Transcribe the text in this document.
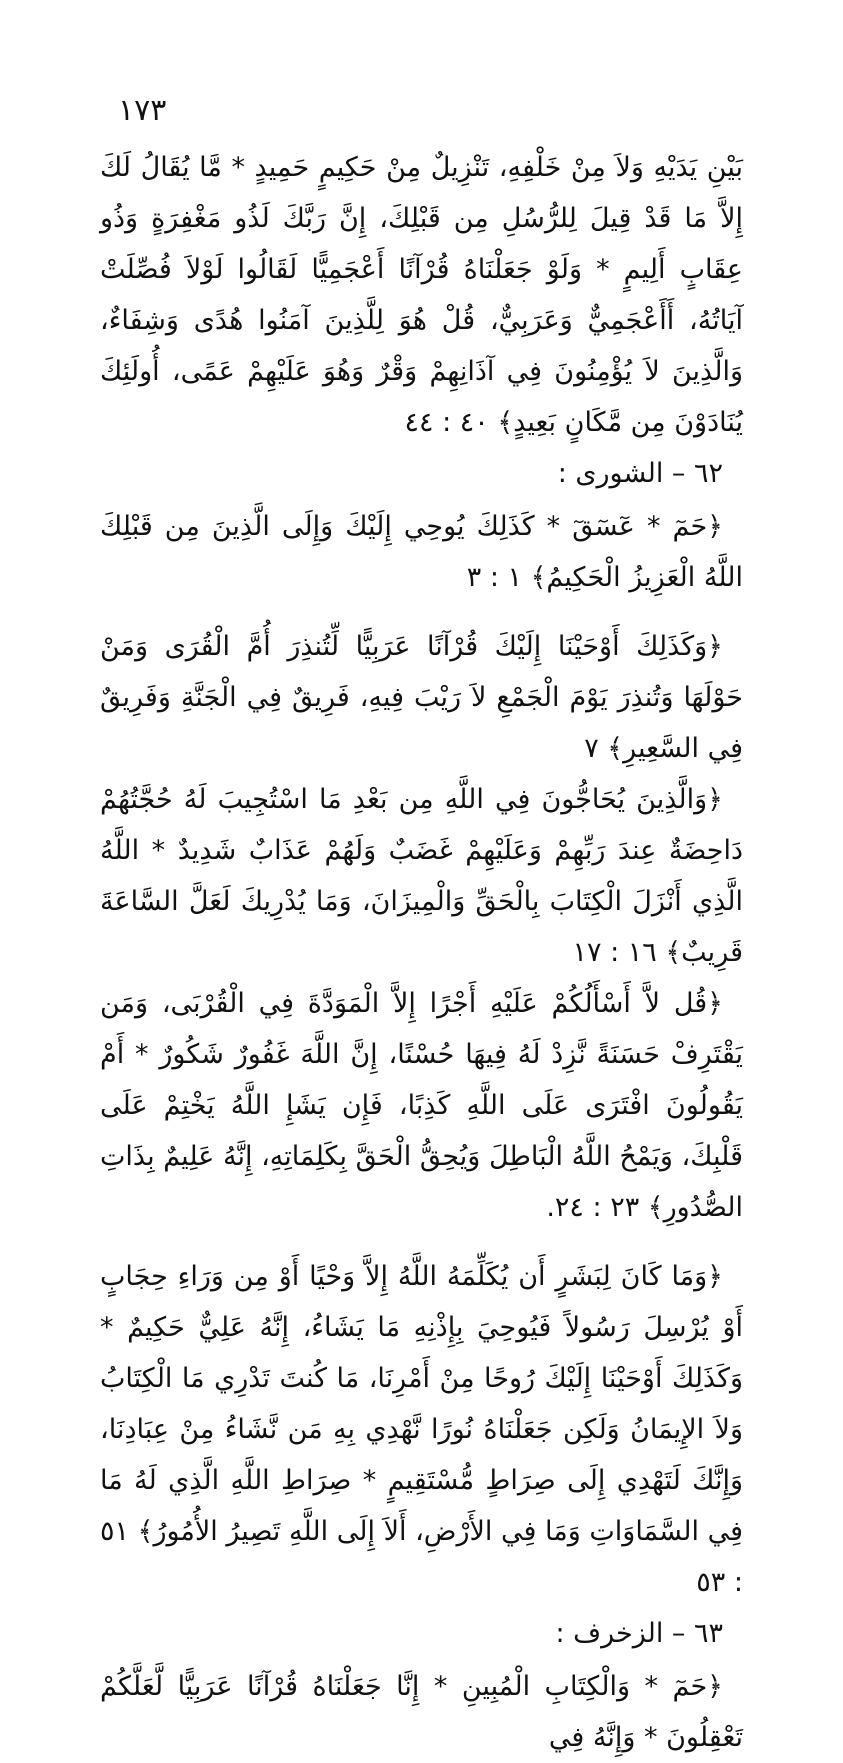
١٧٣

بَيْنِ يَدَيْهِ وَلاَ مِنْ خَلْفِهِ، تَنْزِيلٌ مِنْ حَكِيمٍ حَمِيدٍ * مَّا يُقَالُ لَكَ إِلاَّ مَا قَدْ قِيلَ لِلرُّسُلِ مِن قَبْلِكَ، إِنَّ رَبَّكَ لَذُو مَغْفِرَةٍ وَذُو عِقَابٍ أَلِيمٍ * وَلَوْ جَعَلْنَاهُ قُرْآنًا أَعْجَمِيًّا لَقَالُوا لَوْلاَ فُصِّلَتْ آيَاتُهُ، أَأَعْجَمِيٌّ وَعَرَبِيٌّ، قُلْ هُوَ لِلَّذِينَ آمَنُوا هُدًى وَشِفَاءٌ، وَالَّذِينَ لاَ يُؤْمِنُونَ فِي آذَانِهِمْ وَقْرٌ وَهُوَ عَلَيْهِمْ عَمًى، أُولَئِكَ يُنَادَوْنَ مِن مَّكَانٍ بَعِيدٍ﴾ ٤٠ : ٤٤

٦٢ – الشورى :

﴿حَمٓ * عٓسٓقٓ * كَذَلِكَ يُوحِي إِلَيْكَ وَإِلَى الَّذِينَ مِن قَبْلِكَ اللَّهُ الْعَزِيزُ الْحَكِيمُ﴾ ١ : ٣

﴿وَكَذَلِكَ أَوْحَيْنَا إِلَيْكَ قُرْآنًا عَرَبِيًّا لِّتُنذِرَ أُمَّ الْقُرَى وَمَنْ حَوْلَهَا وَتُنذِرَ يَوْمَ الْجَمْعِ لاَ رَيْبَ فِيهِ، فَرِيقٌ فِي الْجَنَّةِ وَفَرِيقٌ فِي السَّعِيرِ﴾ ٧

﴿وَالَّذِينَ يُحَاجُّونَ فِي اللَّهِ مِن بَعْدِ مَا اسْتُجِيبَ لَهُ حُجَّتُهُمْ دَاحِضَةٌ عِندَ رَبِّهِمْ وَعَلَيْهِمْ غَضَبٌ وَلَهُمْ عَذَابٌ شَدِيدٌ * اللَّهُ الَّذِي أَنْزَلَ الْكِتَابَ بِالْحَقِّ وَالْمِيزَانَ، وَمَا يُدْرِيكَ لَعَلَّ السَّاعَةَ قَرِيبٌ﴾ ١٦ : ١٧

﴿قُل لاَّ أَسْأَلُكُمْ عَلَيْهِ أَجْرًا إِلاَّ الْمَوَدَّةَ فِي الْقُرْبَى، وَمَن يَقْتَرِفْ حَسَنَةً نَّزِدْ لَهُ فِيهَا حُسْنًا، إِنَّ اللَّهَ غَفُورٌ شَكُورٌ * أَمْ يَقُولُونَ افْتَرَى عَلَى اللَّهِ كَذِبًا، فَإِن يَشَإِ اللَّهُ يَخْتِمْ عَلَى قَلْبِكَ، وَيَمْحُ اللَّهُ الْبَاطِلَ وَيُحِقُّ الْحَقَّ بِكَلِمَاتِهِ، إِنَّهُ عَلِيمٌ بِذَاتِ الصُّدُورِ﴾ ٢٣ : ٢٤.

﴿وَمَا كَانَ لِبَشَرٍ أَن يُكَلِّمَهُ اللَّهُ إِلاَّ وَحْيًا أَوْ مِن وَرَاءِ حِجَابٍ أَوْ يُرْسِلَ رَسُولاً فَيُوحِيَ بِإِذْنِهِ مَا يَشَاءُ، إِنَّهُ عَلِيٌّ حَكِيمٌ * وَكَذَلِكَ أَوْحَيْنَا إِلَيْكَ رُوحًا مِنْ أَمْرِنَا، مَا كُنتَ تَدْرِي مَا الْكِتَابُ وَلاَ الإِيمَانُ وَلَكِن جَعَلْنَاهُ نُورًا نَّهْدِي بِهِ مَن نَّشَاءُ مِنْ عِبَادِنَا، وَإِنَّكَ لَتَهْدِي إِلَى صِرَاطٍ مُّسْتَقِيمٍ * صِرَاطِ اللَّهِ الَّذِي لَهُ مَا فِي السَّمَاوَاتِ وَمَا فِي الأَرْضِ، أَلاَ إِلَى اللَّهِ تَصِيرُ الأُمُورُ﴾ ٥١ : ٥٣

٦٣ – الزخرف :

﴿حَمٓ * وَالْكِتَابِ الْمُبِينِ * إِنَّا جَعَلْنَاهُ قُرْآنًا عَرَبِيًّا لَّعَلَّكُمْ تَعْقِلُونَ * وَإِنَّهُ فِي
